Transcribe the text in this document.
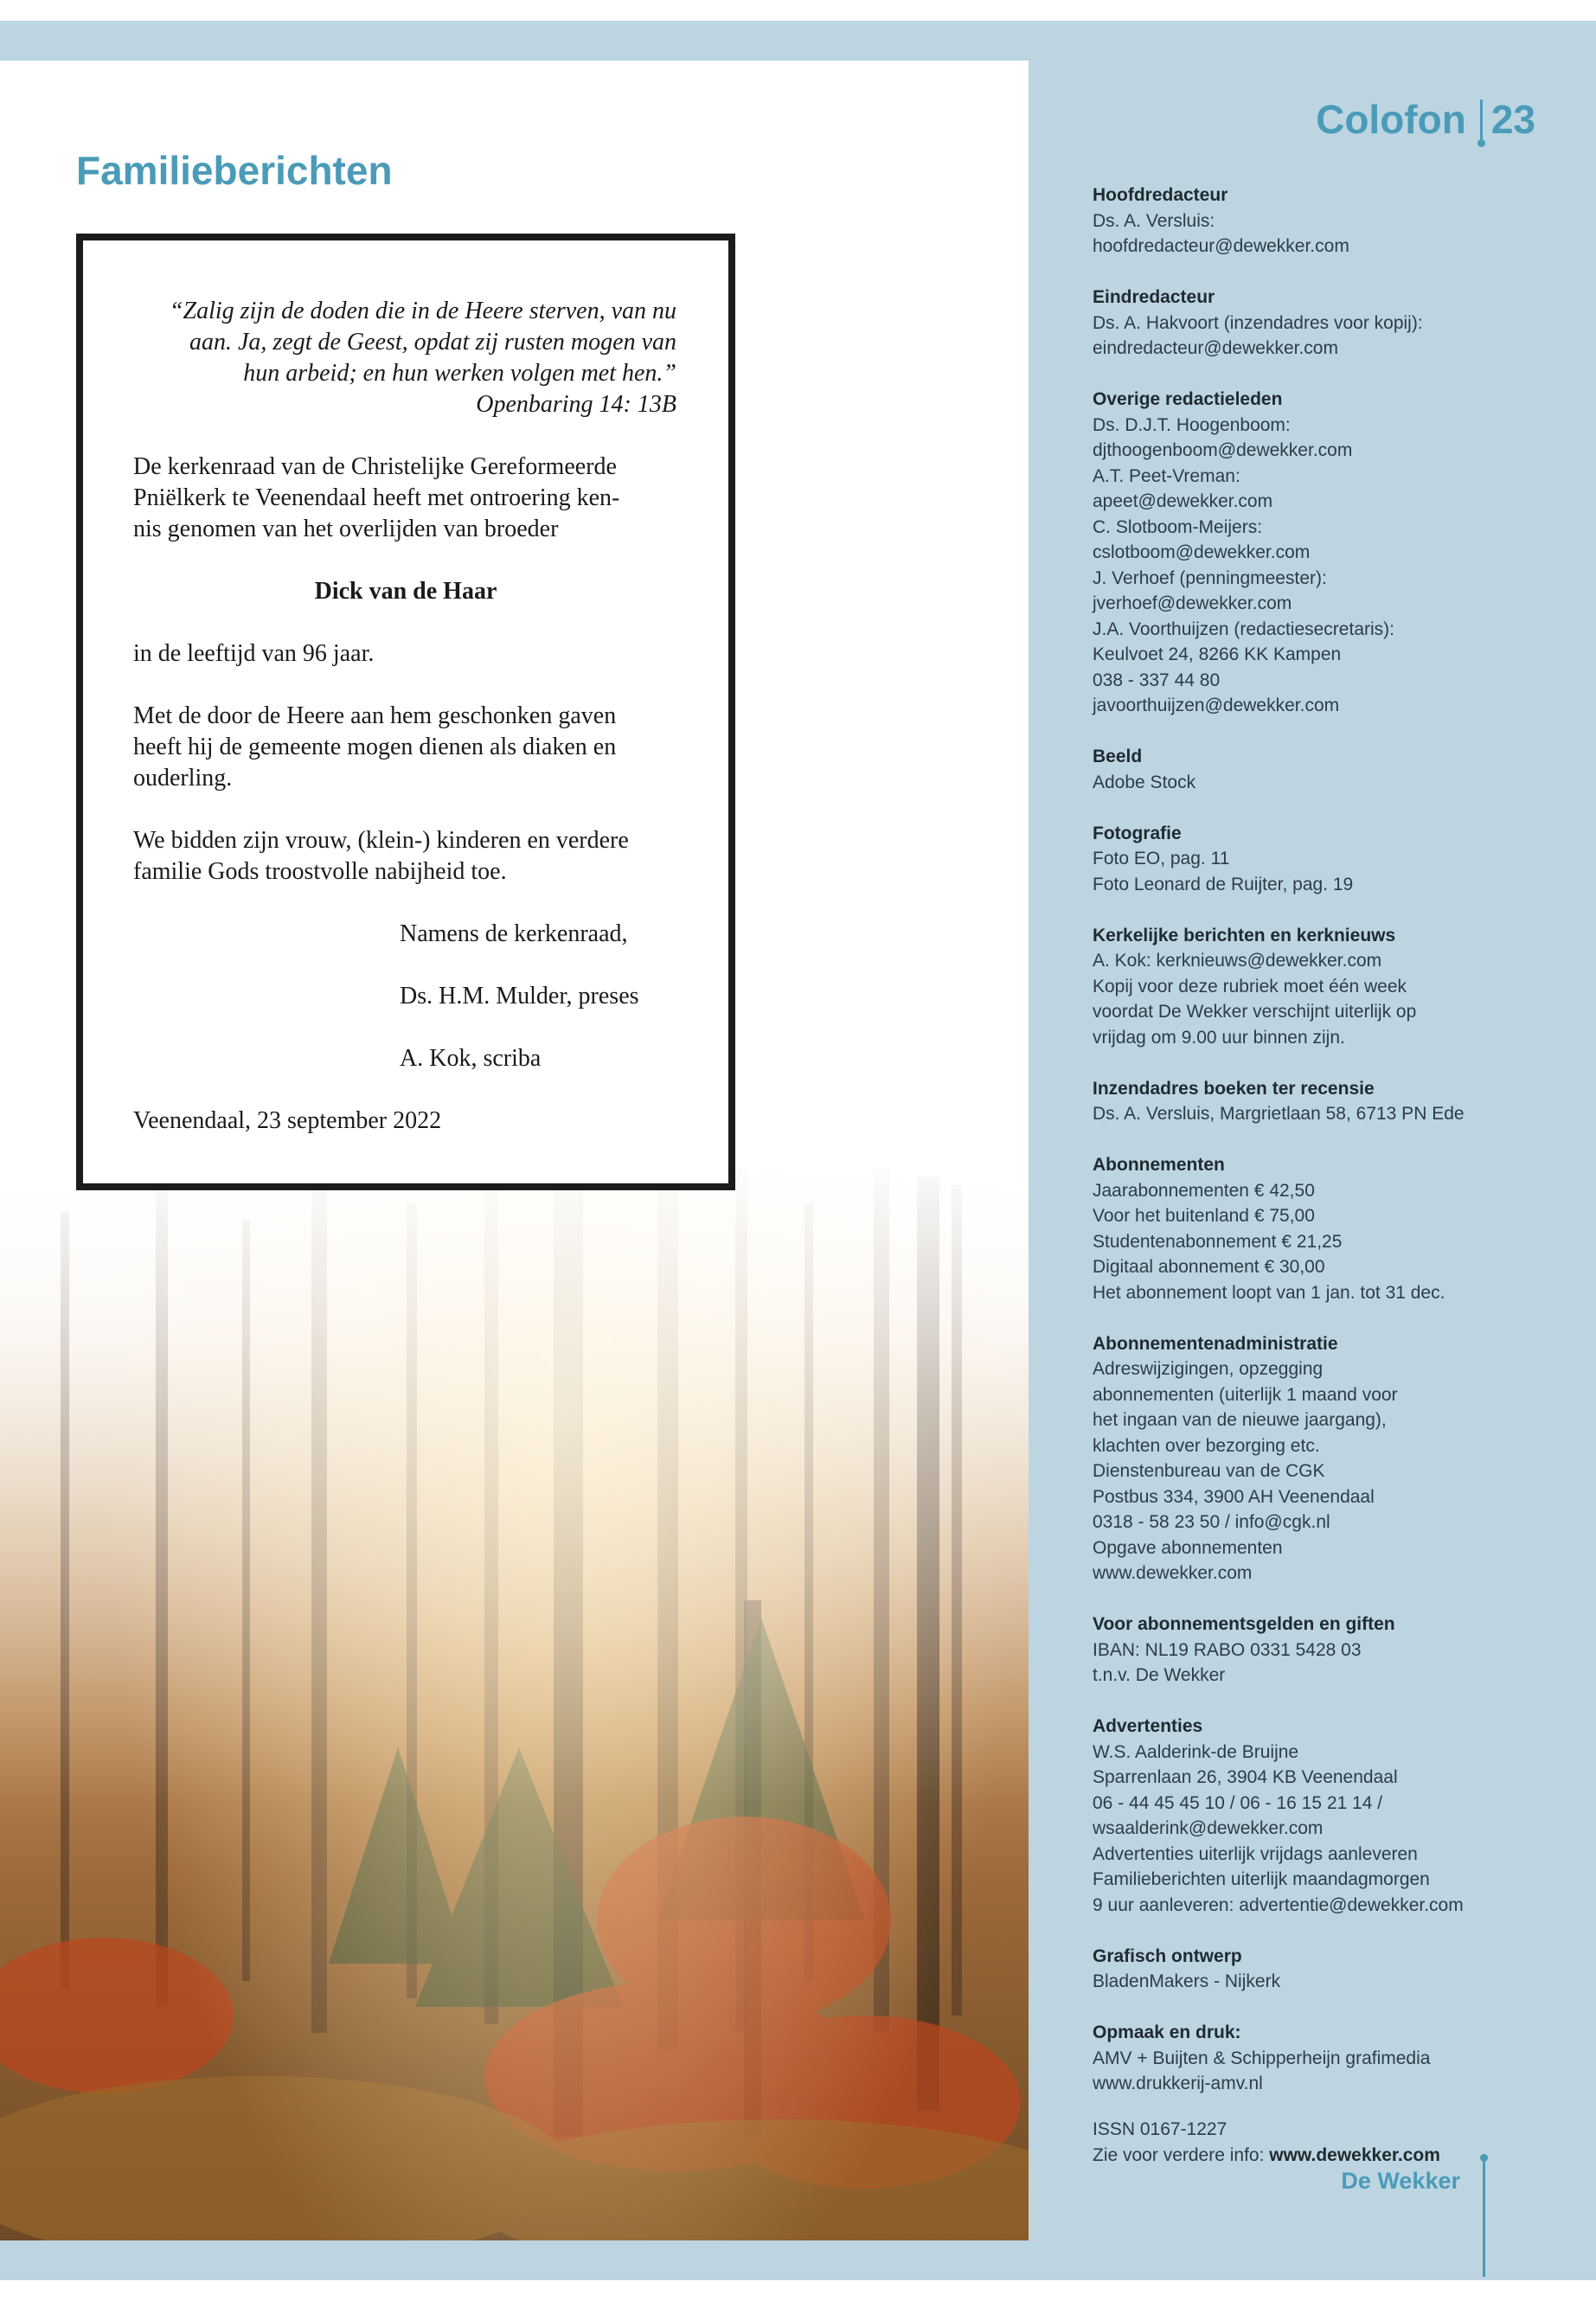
Familieberichten

“Zalig zijn de doden die in de Heere sterven, van nu
aan. Ja, zegt de Geest, opdat zij rusten mogen van
hun arbeid; en hun werken volgen met hen.”
Openbaring 14: 13B

De kerkenraad van de Christelijke Gereformeerde
Pniëlkerk te Veenendaal heeft met ontroering ken-
nis genomen van het overlijden van broeder

Dick van de Haar

in de leeftijd van 96 jaar.

Met de door de Heere aan hem geschonken gaven
heeft hij de gemeente mogen dienen als diaken en
ouderling.

We bidden zijn vrouw, (klein-) kinderen en verdere
familie Gods troostvolle nabijheid toe.

Namens de kerkenraad,

Ds. H.M. Mulder, preses

A. Kok, scriba

Veenendaal, 23 september 2022

Colofon 23
Hoofdredacteur
Ds. A. Versluis:
hoofdredacteur@dewekker.com
Eindredacteur
Ds. A. Hakvoort (inzendadres voor kopij):
eindredacteur@dewekker.com
Overige redactieleden
Ds. D.J.T. Hoogenboom:
djthoogenboom@dewekker.com
A.T. Peet-Vreman:
apeet@dewekker.com
C. Slotboom-Meijers:
cslotboom@dewekker.com
J. Verhoef (penningmeester):
jverhoef@dewekker.com
J.A. Voorthuijzen (redactiesecretaris):
Keulvoet 24, 8266 KK Kampen
038 - 337 44 80
javoorthuijzen@dewekker.com
Beeld
Adobe Stock
Fotografie
Foto EO, pag. 11
Foto Leonard de Ruijter, pag. 19
Kerkelijke berichten en kerknieuws
A. Kok: kerknieuws@dewekker.com
Kopij voor deze rubriek moet één week
voordat De Wekker verschijnt uiterlijk op
vrijdag om 9.00 uur binnen zijn.
Inzendadres boeken ter recensie
Ds. A. Versluis, Margrietlaan 58, 6713 PN Ede
Abonnementen
Jaarabonnementen € 42,50
Voor het buitenland € 75,00
Studentenabonnement € 21,25
Digitaal abonnement € 30,00
Het abonnement loopt van 1 jan. tot 31 dec.
Abonnementenadministratie
Adreswijzigingen, opzegging
abonnementen (uiterlijk 1 maand voor
het ingaan van de nieuwe jaargang),
klachten over bezorging etc.
Dienstenbureau van de CGK
Postbus 334, 3900 AH Veenendaal
0318 - 58 23 50 / info@cgk.nl
Opgave abonnementen
www.dewekker.com
Voor abonnementsgelden en giften
IBAN: NL19 RABO 0331 5428 03
t.n.v. De Wekker
Advertenties
W.S. Aalderink-de Bruijne
Sparrenlaan 26, 3904 KB Veenendaal
06 - 44 45 45 10 / 06 - 16 15 21 14 /
wsaalderink@dewekker.com
Advertenties uiterlijk vrijdags aanleveren
Familieberichten uiterlijk maandagmorgen
9 uur aanleveren: advertentie@dewekker.com
Grafisch ontwerp
BladenMakers - Nijkerk
Opmaak en druk:
AMV + Buijten & Schipperheijn grafimedia
www.drukkerij-amv.nl
ISSN 0167-1227
Zie voor verdere info: www.dewekker.com
De Wekker
